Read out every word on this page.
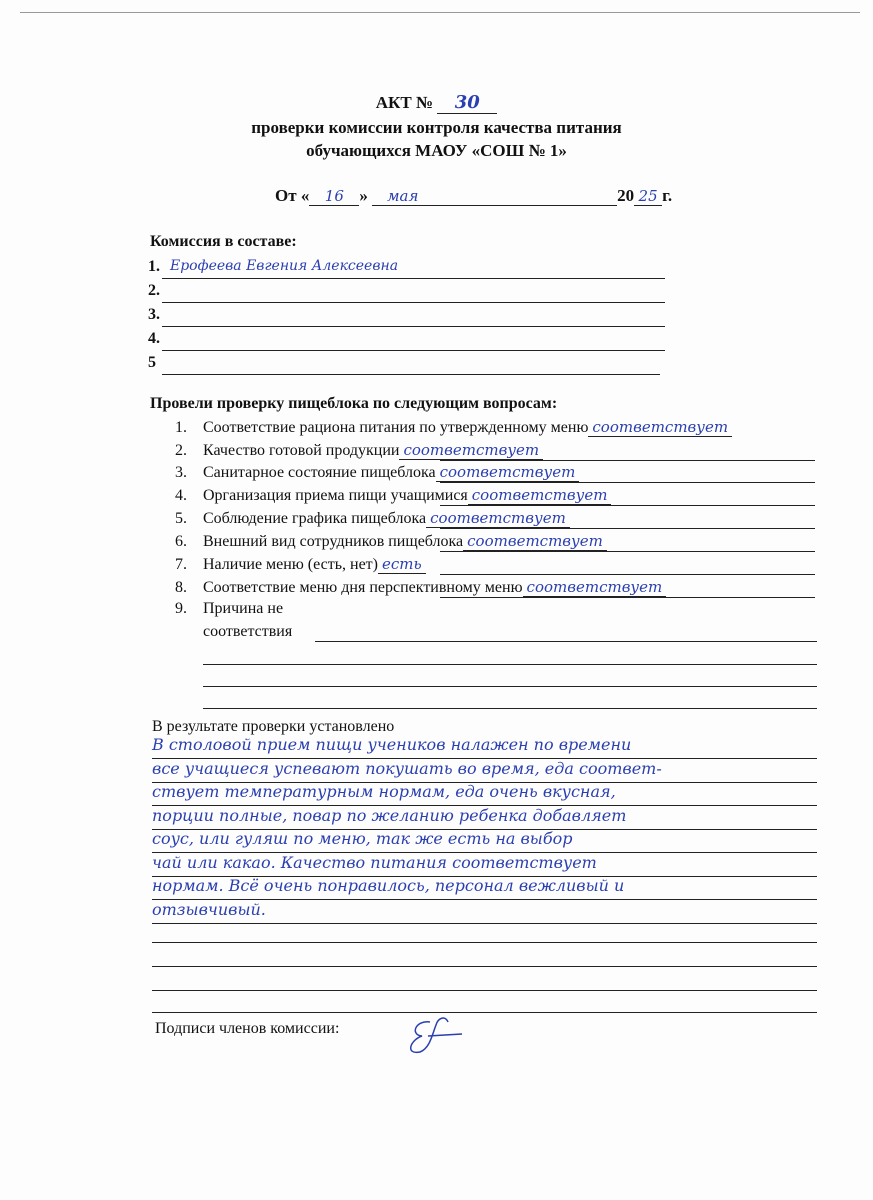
АКТ № 30
проверки комиссии контроля качества питания
обучающихся МАОУ «СОШ № 1»
От « 16 » мая	20 25 г.
Комиссия в составе:
1. Ерофеева Евгения Алексеевна
2.
3.
4.
5
Провели проверку пищеблока по следующим вопросам:
1. Соответствие рациона питания по утвержденному меню соответствует
2. Качество готовой продукции соответствует
3. Санитарное состояние пищеблока соответствует
4. Организация приема пищи учащимися соответствует
5. Соблюдение графика пищеблока соответствует
6. Внешний вид сотрудников пищеблока соответствует
7. Наличие меню (есть, нет) есть
8. Соответствие меню дня перспективному меню соответствует
9. Причина не
соответствия
В результате проверки установлено
В столовой прием пищи учеников налажен по времени
все учащиеся успевают покушать во время, еда соответ-
ствует температурным нормам, еда очень вкусная,
порции полные, повар по желанию ребенка добавляет
соус, или гуляш по меню, так же есть на выбор
чай или какао. Качество питания соответствует
нормам. Всё очень понравилось, персонал вежливый и
отзывчивый.
Подписи членов комиссии:
